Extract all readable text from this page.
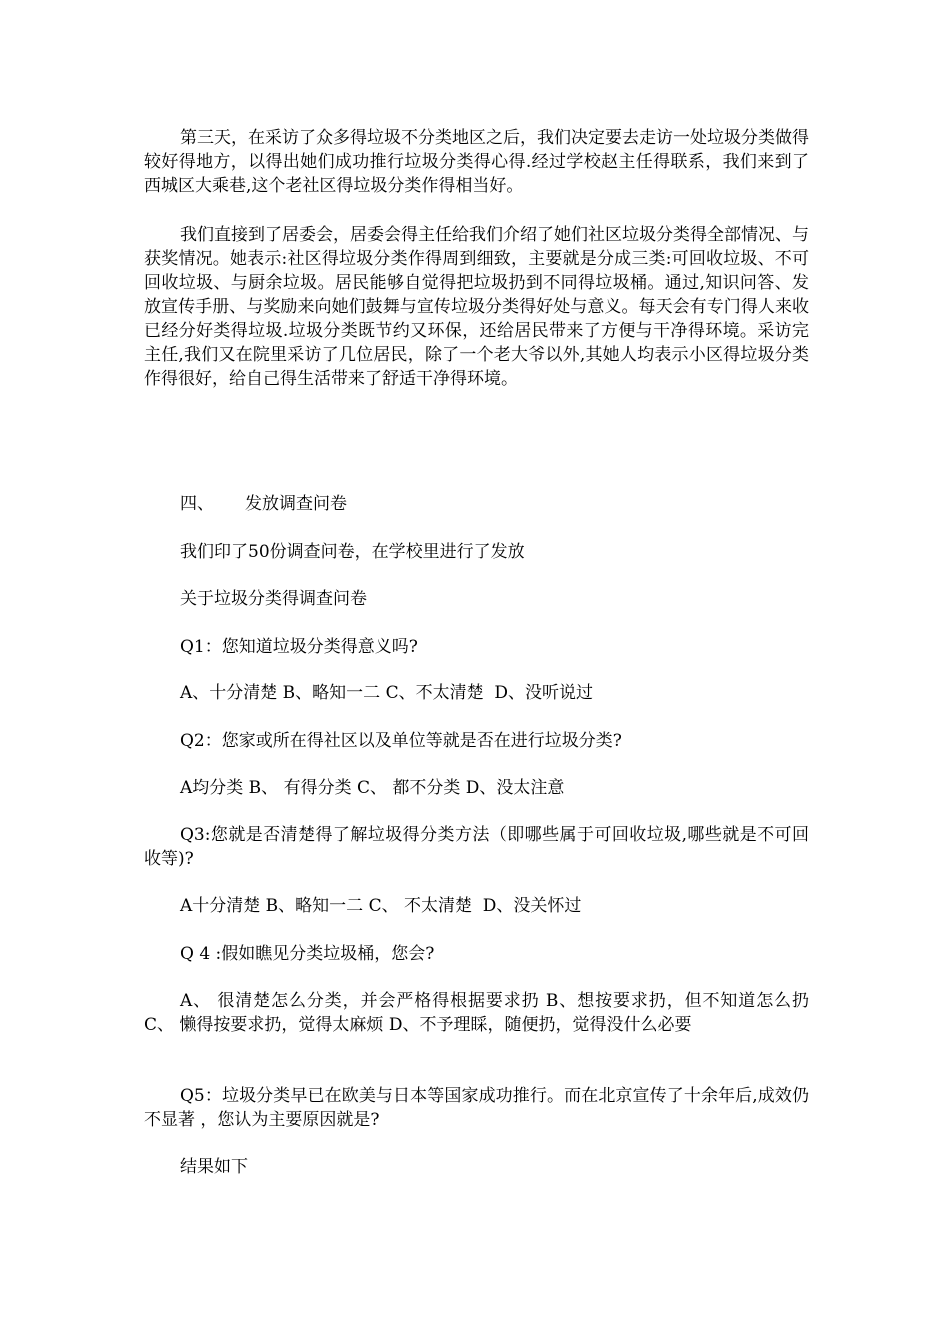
第三天，在采访了众多得垃圾不分类地区之后，我们决定要去走访一处垃圾分类做得较好得地方，以得出她们成功推行垃圾分类得心得.经过学校赵主任得联系，我们来到了西城区大乘巷,这个老社区得垃圾分类作得相当好。

我们直接到了居委会，居委会得主任给我们介绍了她们社区垃圾分类得全部情况、与获奖情况。她表示:社区得垃圾分类作得周到细致，主要就是分成三类:可回收垃圾、不可回收垃圾、与厨余垃圾。居民能够自觉得把垃圾扔到不同得垃圾桶。通过,知识问答、发放宣传手册、与奖励来向她们鼓舞与宣传垃圾分类得好处与意义。每天会有专门得人来收已经分好类得垃圾.垃圾分类既节约又环保，还给居民带来了方便与干净得环境。采访完主任,我们又在院里采访了几位居民，除了一个老大爷以外,其她人均表示小区得垃圾分类作得很好，给自己得生活带来了舒适干净得环境。

四、 发放调查问卷

我们印了50份调查问卷，在学校里进行了发放

关于垃圾分类得调查问卷

Q1：您知道垃圾分类得意义吗?

A、十分清楚 B、略知一二 C、不太清楚  D、没听说过

Q2：您家或所在得社区以及单位等就是否在进行垃圾分类?

A均分类 B、 有得分类 C、 都不分类 D、没太注意

Q3:您就是否清楚得了解垃圾得分类方法（即哪些属于可回收垃圾,哪些就是不可回收等)?

A十分清楚 B、略知一二 C、 不太清楚  D、没关怀过

Q 4 :假如瞧见分类垃圾桶，您会?

A、 很清楚怎么分类，并会严格得根据要求扔 B、想按要求扔，但不知道怎么扔 C、 懒得按要求扔，觉得太麻烦 D、不予理睬，随便扔，觉得没什么必要

Q5：垃圾分类早已在欧美与日本等国家成功推行。而在北京宣传了十余年后,成效仍不显著 ，您认为主要原因就是?

结果如下
